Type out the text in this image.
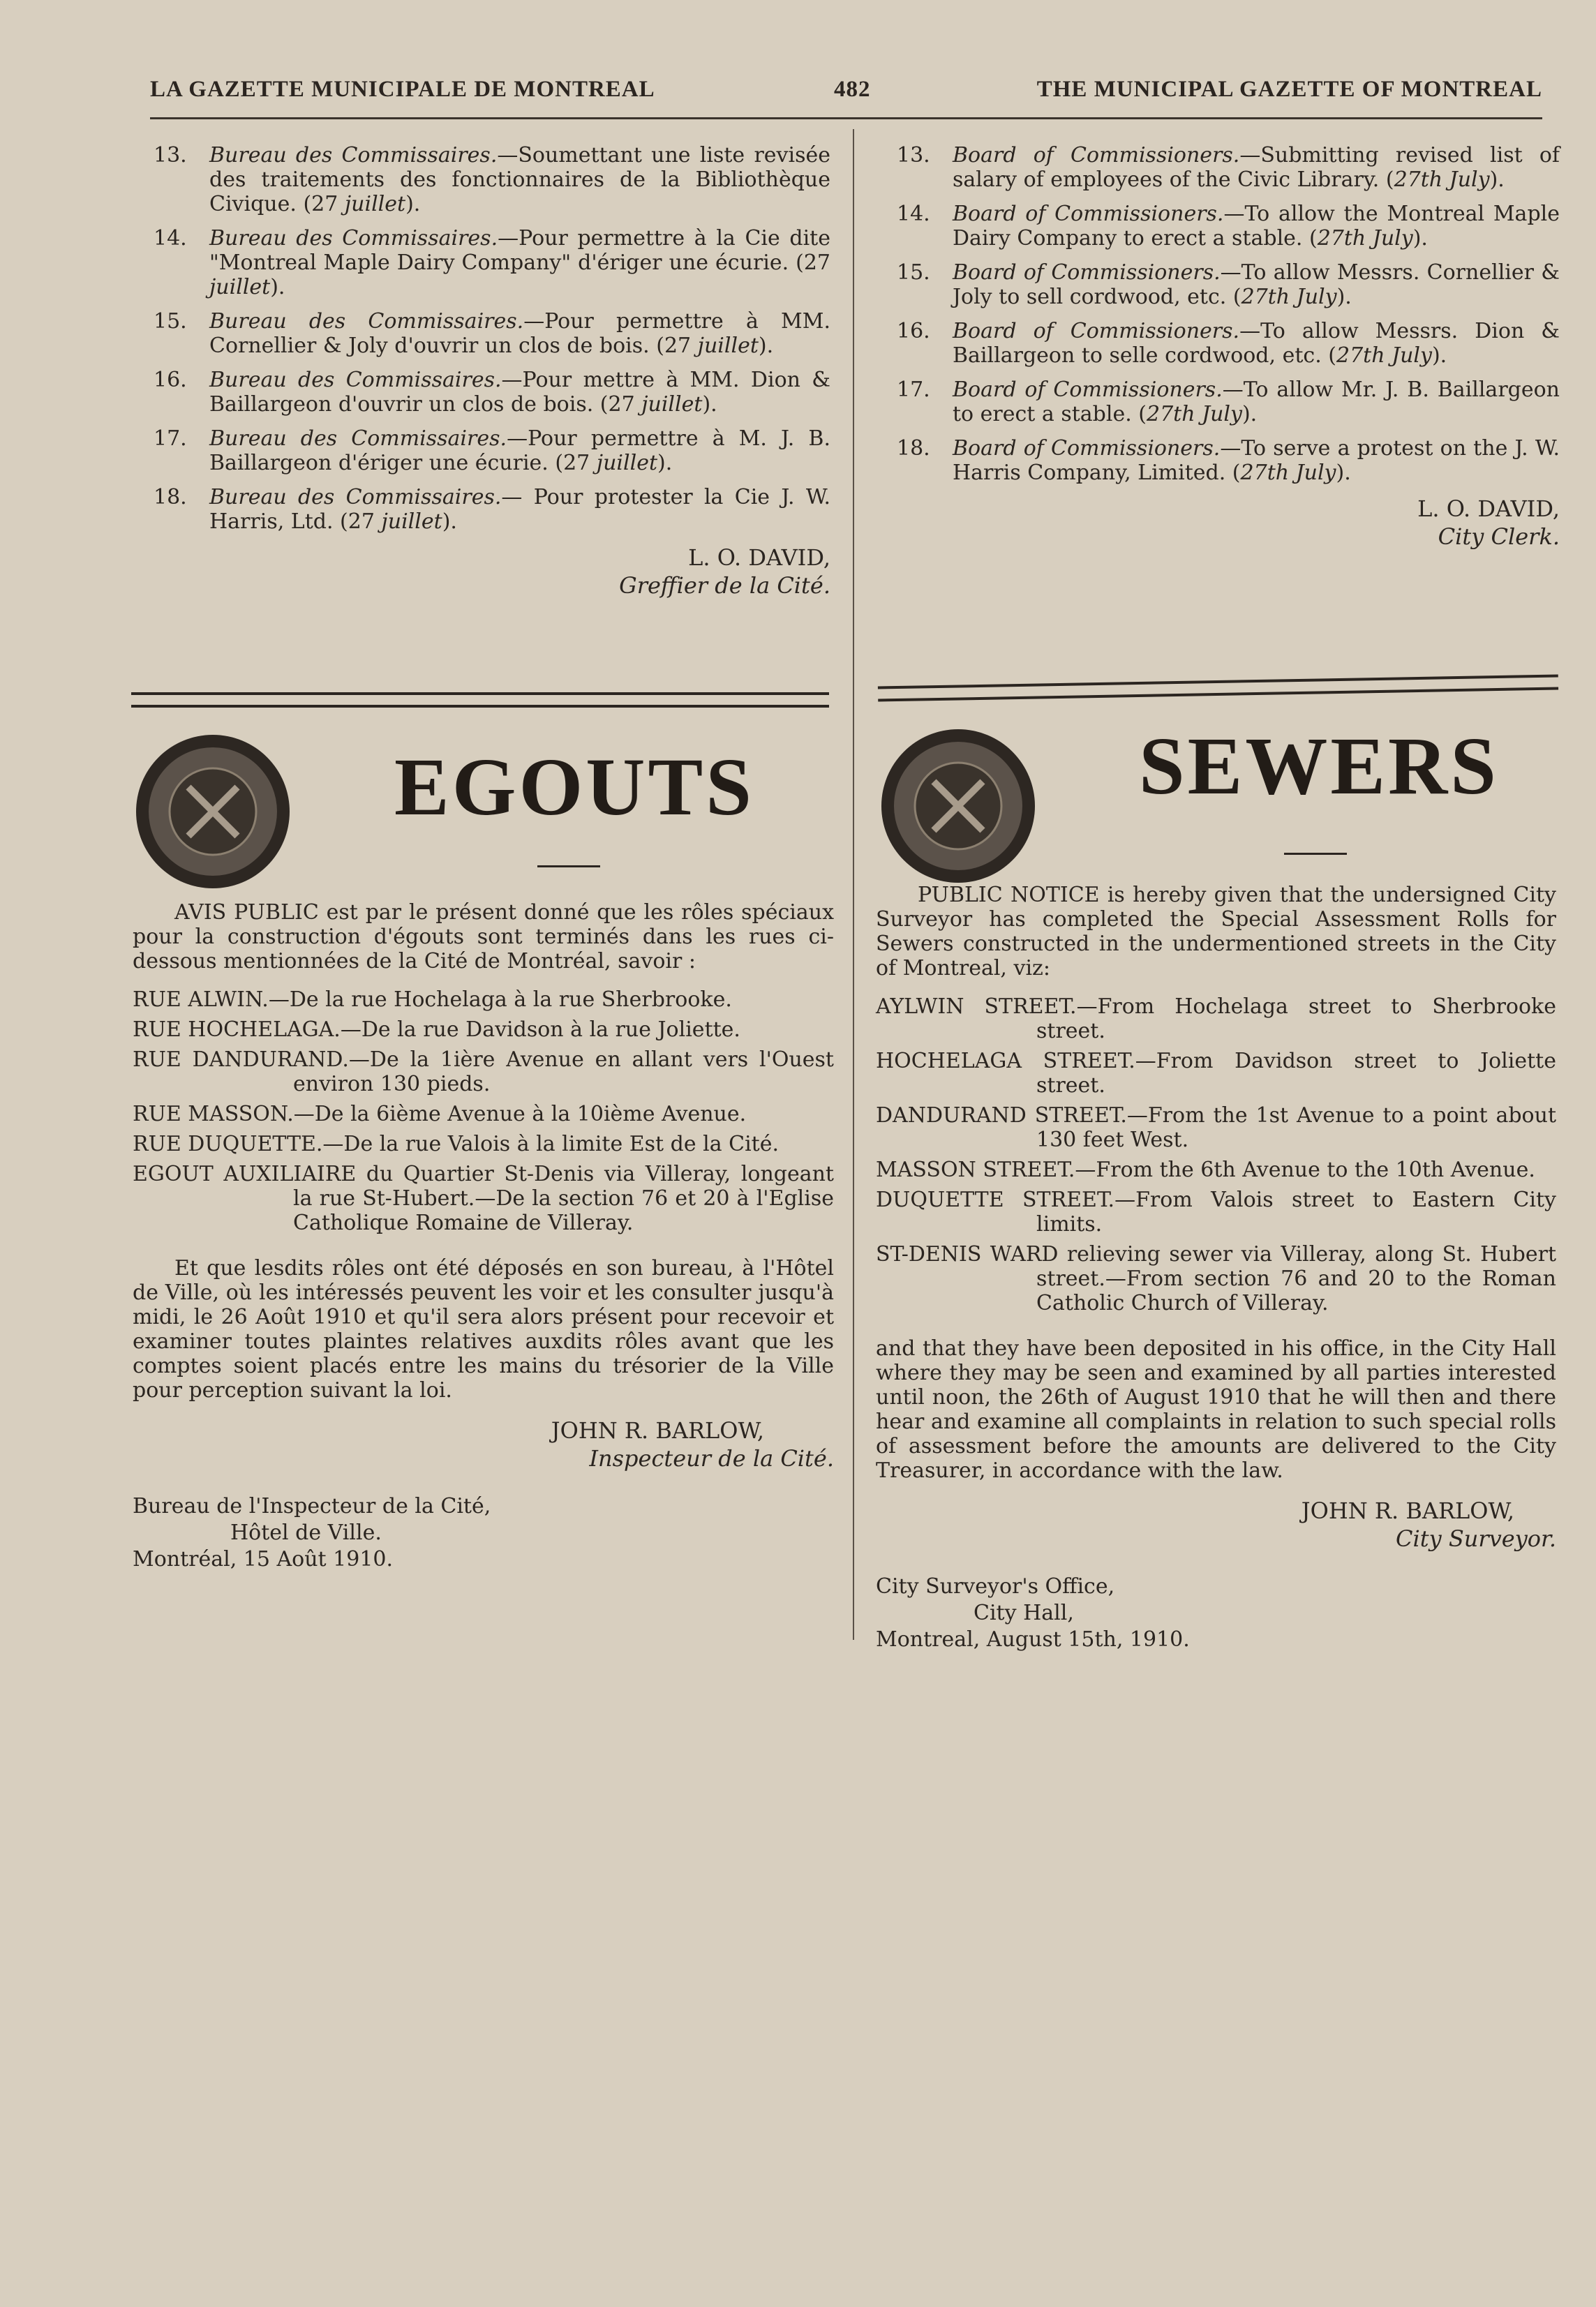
LA GAZETTE MUNICIPALE DE MONTREAL	482	THE MUNICIPAL GAZETTE OF MONTREAL
13. Bureau des Commissaires.—Soumettant une liste revisée des traitements des fonctionnaires de la Bibliothèque Civique. (27 juillet).
14. Bureau des Commissaires.—Pour permettre à la Cie dite "Montreal Maple Dairy Company" d'ériger une écurie. (27 juillet).
15. Bureau des Commissaires.—Pour permettre à MM. Cornellier & Joly d'ouvrir un clos de bois. (27 juillet).
16. Bureau des Commissaires.—Pour mettre à MM. Dion & Baillargeon d'ouvrir un clos de bois. (27 juillet).
17. Bureau des Commissaires.—Pour permettre à M. J. B. Baillargeon d'ériger une écurie. (27 juillet).
18. Bureau des Commissaires.— Pour protester la Cie J. W. Harris, Ltd. (27 juillet).
L. O. DAVID,
Greffier de la Cité.
13. Board of Commissioners.—Submitting revised list of salary of employees of the Civic Library. (27th July).
14. Board of Commissioners.—To allow the Montreal Maple Dairy Company to erect a stable. (27th July).
15. Board of Commissioners.—To allow Messrs. Cornellier & Joly to sell cordwood, etc. (27th July).
16. Board of Commissioners.—To allow Messrs. Dion & Baillargeon to selle cordwood, etc. (27th July).
17. Board of Commissioners.—To allow Mr. J. B. Baillargeon to erect a stable. (27th July).
18. Board of Commissioners.—To serve a protest on the J. W. Harris Company, Limited. (27th July).
L. O. DAVID,
City Clerk.
EGOUTS	SEWERS

AVIS PUBLIC est par le présent donné que les rôles spéciaux pour la construction d'égouts sont terminés dans les rues ci-dessous mentionnées de la Cité de Montréal, savoir :

RUE ALWIN.—De la rue Hochelaga à la rue Sherbrooke.
RUE HOCHELAGA.—De la rue Davidson à la rue Joliette.
RUE DANDURAND.—De la 1ière Avenue en allant vers l'Ouest environ 130 pieds.
RUE MASSON.—De la 6ième Avenue à la 10ième Avenue.
RUE DUQUETTE.—De la rue Valois à la limite Est de la Cité.
EGOUT AUXILIAIRE du Quartier St-Denis via Villeray, longeant la rue St-Hubert.—De la section 76 et 20 à l'Eglise Catholique Romaine de Villeray.

Et que lesdits rôles ont été déposés en son bureau, à l'Hôtel de Ville, où les intéressés peuvent les voir et les consulter jusqu'à midi, le 26 Août 1910 et qu'il sera alors présent pour recevoir et examiner toutes plaintes relatives auxdits rôles avant que les comptes soient placés entre les mains du trésorier de la Ville pour perception suivant la loi.

JOHN R. BARLOW,
Inspecteur de la Cité.
Bureau de l'Inspecteur de la Cité,
Hôtel de Ville.
Montréal, 15 Août 1910.

PUBLIC NOTICE is hereby given that the undersigned City Surveyor has completed the Special Assessment Rolls for Sewers constructed in the undermentioned streets in the City of Montreal, viz:

AYLWIN STREET.—From Hochelaga street to Sherbrooke street.
HOCHELAGA STREET.—From Davidson street to Joliette street.
DANDURAND STREET.—From the 1st Avenue to a point about 130 feet West.
MASSON STREET.—From the 6th Avenue to the 10th Avenue.
DUQUETTE STREET.—From Valois street to Eastern City limits.
ST-DENIS WARD relieving sewer via Villeray, along St. Hubert street.—From section 76 and 20 to the Roman Catholic Church of Villeray.

and that they have been deposited in his office, in the City Hall where they may be seen and examined by all parties interested until noon, the 26th of August 1910 that he will then and there hear and examine all complaints in relation to such special rolls of assessment before the amounts are delivered to the City Treasurer, in accordance with the law.

JOHN R. BARLOW,
City Surveyor.
City Surveyor's Office,
City Hall,
Montreal, August 15th, 1910.
